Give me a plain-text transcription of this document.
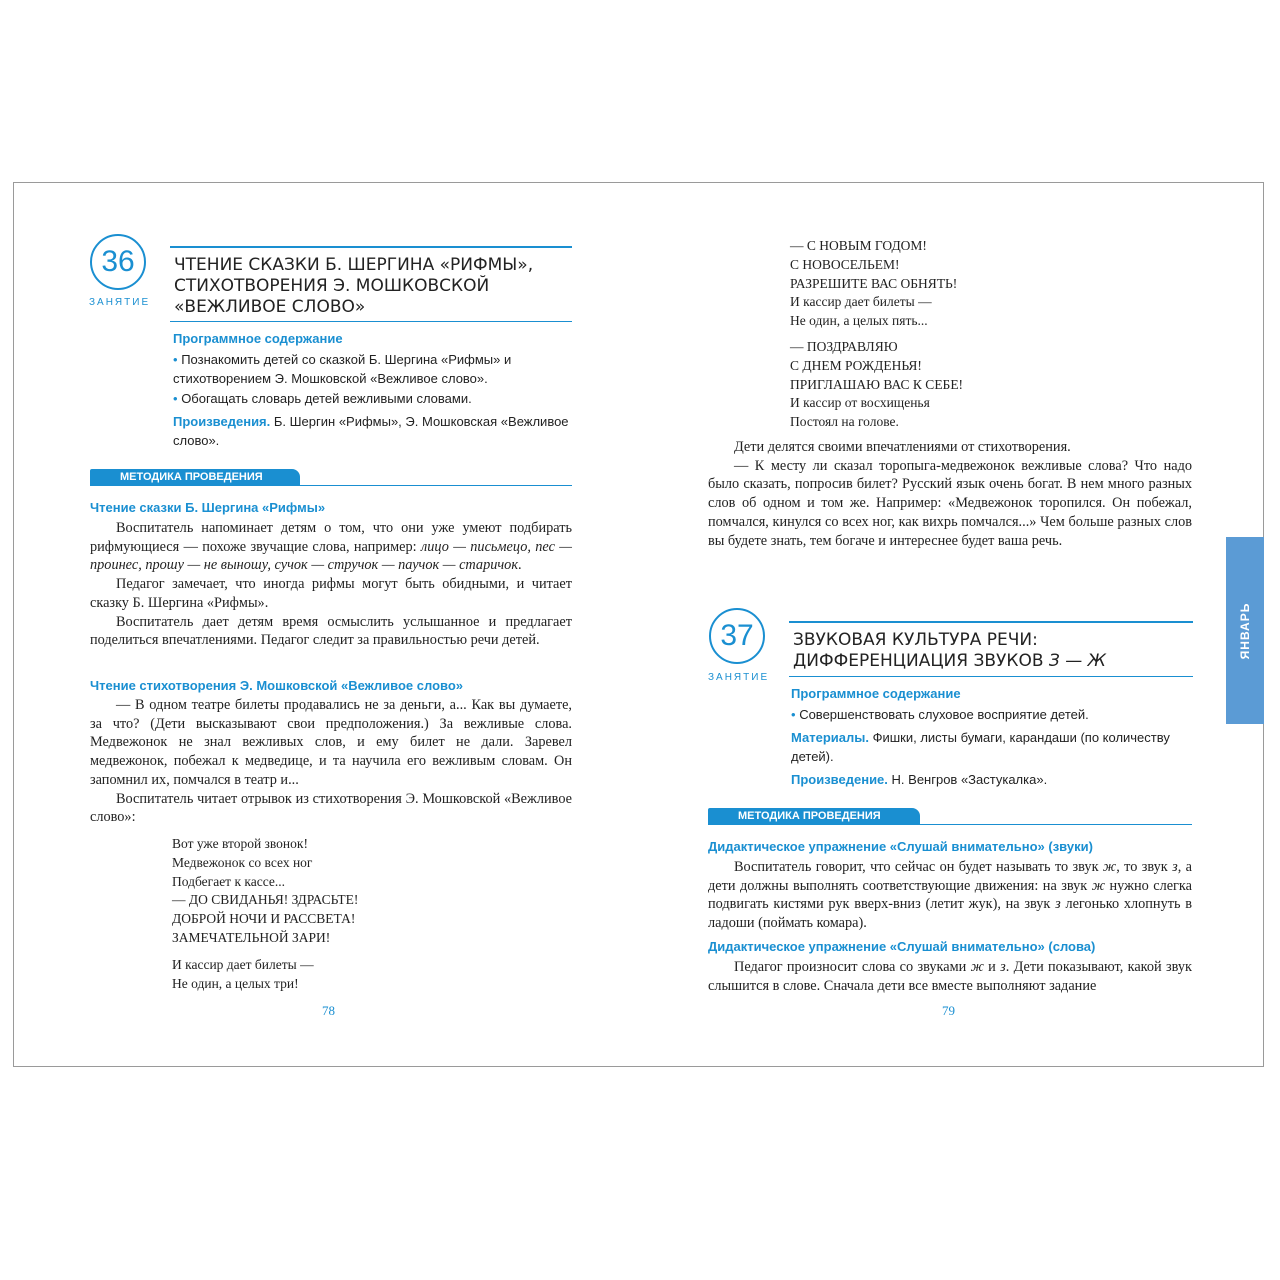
36
ЗАНЯТИЕ
ЧТЕНИЕ СКАЗКИ Б. ШЕРГИНА «РИФМЫ», СТИХОТВОРЕНИЯ Э. МОШКОВСКОЙ «ВЕЖЛИВОЕ СЛОВО»
Программное содержание
• Познакомить детей со сказкой Б. Шергина «Рифмы» и стихотворением Э. Мошковской «Вежливое слово».
• Обогащать словарь детей вежливыми словами.
Произведения. Б. Шергин «Рифмы», Э. Мошковская «Вежливое слово».
МЕТОДИКА ПРОВЕДЕНИЯ
Чтение сказки Б. Шергина «Рифмы»

Воспитатель напоминает детям о том, что они уже умеют подбирать рифмующиеся — похоже звучащие слова, например: лицо — письмецо, пес — проинес, прошу — не выношу, сучок — стручок — паучок — старичок.

Педагог замечает, что иногда рифмы могут быть обидными, и читает сказку Б. Шергина «Рифмы».

Воспитатель дает детям время осмыслить услышанное и предлагает поделиться впечатлениями. Педагог следит за правильностью речи детей.

Чтение стихотворения Э. Мошковской «Вежливое слово»

— В одном театре билеты продавались не за деньги, а... Как вы думаете, за что? (Дети высказывают свои предположения.) За вежливые слова. Медвежонок не знал вежливых слов, и ему билет не дали. Заревел медвежонок, побежал к медведице, и та научила его вежливым словам. Он запомнил их, помчался в театр и...

Воспитатель читает отрывок из стихотворения Э. Мошковской «Вежливое слово»:

Вот уже второй звонок!
Медвежонок со всех ног
Подбегает к кассе...
— ДО СВИДАНЬЯ! ЗДРАСЬТЕ!
ДОБРОЙ НОЧИ И РАССВЕТА!
ЗАМЕЧАТЕЛЬНОЙ ЗАРИ!
И кассир дает билеты —
Не один, а целых три!
78
— С НОВЫМ ГОДОМ!
С НОВОСЕЛЬЕМ!
РАЗРЕШИТЕ ВАС ОБНЯТЬ!
И кассир дает билеты —
Не один, а целых пять...
— ПОЗДРАВЛЯЮ
С ДНЕМ РОЖДЕНЬЯ!
ПРИГЛАШАЮ ВАС К СЕБЕ!
И кассир от восхищенья
Постоял на голове.

Дети делятся своими впечатлениями от стихотворения.

— К месту ли сказал торопыга-медвежонок вежливые слова? Что надо было сказать, попросив билет? Русский язык очень богат. В нем много разных слов об одном и том же. Например: «Медвежонок торопился. Он побежал, помчался, кинулся со всех ног, как вихрь помчался...» Чем больше разных слов вы будете знать, тем богаче и интереснее будет ваша речь.

37
ЗАНЯТИЕ
ЗВУКОВАЯ КУЛЬТУРА РЕЧИ: ДИФФЕРЕНЦИАЦИЯ ЗВУКОВ З — Ж
Программное содержание
• Совершенствовать слуховое восприятие детей.
Материалы. Фишки, листы бумаги, карандаши (по количеству детей).
Произведение. Н. Венгров «Застукалка».
МЕТОДИКА ПРОВЕДЕНИЯ
Дидактическое упражнение «Слушай внимательно» (звуки)

Воспитатель говорит, что сейчас он будет называть то звук ж, то звук з, а дети должны выполнять соответствующие движения: на звук ж нужно слегка подвигать кистями рук вверх-вниз (летит жук), на звук з легонько хлопнуть в ладоши (поймать комара).

Дидактическое упражнение «Слушай внимательно» (слова)

Педагог произносит слова со звуками ж и з. Дети показывают, какой звук слышится в слове. Сначала дети все вместе выполняют задание

79
ЯНВАРЬ
